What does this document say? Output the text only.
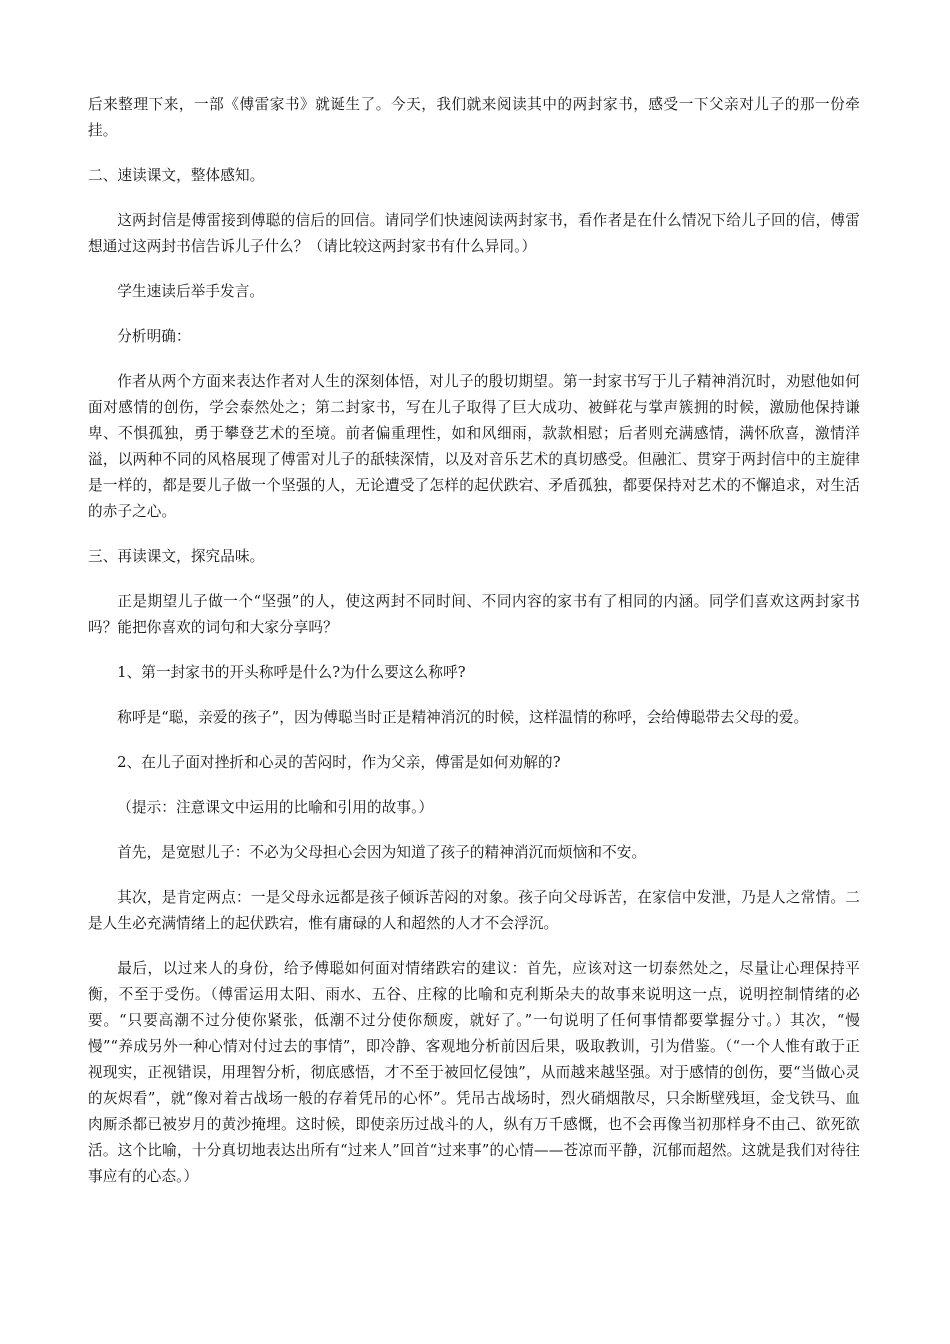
后来整理下来，一部《傅雷家书》就诞生了。今天，我们就来阅读其中的两封家书，感受一下父亲对儿子的那一份牵挂。

二、速读课文，整体感知。

这两封信是傅雷接到傅聪的信后的回信。请同学们快速阅读两封家书，看作者是在什么情况下给儿子回的信，傅雷想通过这两封书信告诉儿子什么？（请比较这两封家书有什么异同。）

学生速读后举手发言。

分析明确：

作者从两个方面来表达作者对人生的深刻体悟，对儿子的殷切期望。第一封家书写于儿子精神消沉时，劝慰他如何面对感情的创伤，学会泰然处之；第二封家书，写在儿子取得了巨大成功、被鲜花与掌声簇拥的时候，激励他保持谦卑、不惧孤独，勇于攀登艺术的至境。前者偏重理性，如和风细雨，款款相慰；后者则充满感情，满怀欣喜，激情洋溢，以两种不同的风格展现了傅雷对儿子的舐犊深情，以及对音乐艺术的真切感受。但融汇、贯穿于两封信中的主旋律是一样的，都是要儿子做一个坚强的人，无论遭受了怎样的起伏跌宕、矛盾孤独，都要保持对艺术的不懈追求，对生活的赤子之心。

三、再读课文，探究品味。

正是期望儿子做一个“坚强”的人，使这两封不同时间、不同内容的家书有了相同的内涵。同学们喜欢这两封家书吗？能把你喜欢的词句和大家分享吗？

1、第一封家书的开头称呼是什么?为什么要这么称呼?

称呼是“聪，亲爱的孩子”，因为傅聪当时正是精神消沉的时候，这样温情的称呼，会给傅聪带去父母的爱。

2、在儿子面对挫折和心灵的苦闷时，作为父亲，傅雷是如何劝解的?

（提示：注意课文中运用的比喻和引用的故事。）

首先，是宽慰儿子：不必为父母担心会因为知道了孩子的精神消沉而烦恼和不安。

其次，是肯定两点：一是父母永远都是孩子倾诉苦闷的对象。孩子向父母诉苦，在家信中发泄，乃是人之常情。二是人生必充满情绪上的起伏跌宕，惟有庸碌的人和超然的人才不会浮沉。

最后，以过来人的身份，给予傅聪如何面对情绪跌宕的建议：首先，应该对这一切泰然处之，尽量让心理保持平衡，不至于受伤。（傅雷运用太阳、雨水、五谷、庄稼的比喻和克利斯朵夫的故事来说明这一点，说明控制情绪的必要。“只要高潮不过分使你紧张，低潮不过分使你颓废，就好了。”一句说明了任何事情都要掌握分寸。）其次，“慢慢”“养成另外一种心情对付过去的事情”，即冷静、客观地分析前因后果，吸取教训，引为借鉴。（“一个人惟有敢于正视现实，正视错误，用理智分析，彻底感悟，才不至于被回忆侵蚀”，从而越来越坚强。对于感情的创伤，要“当做心灵的灰烬看”，就“像对着古战场一般的存着凭吊的心怀”。凭吊古战场时，烈火硝烟散尽，只余断壁残垣，金戈铁马、血肉厮杀都已被岁月的黄沙掩埋。这时候，即使亲历过战斗的人，纵有万千感慨，也不会再像当初那样身不由己、欲死欲活。这个比喻，十分真切地表达出所有“过来人”回首“过来事”的心情——苍凉而平静，沉郁而超然。这就是我们对待往事应有的心态。）
